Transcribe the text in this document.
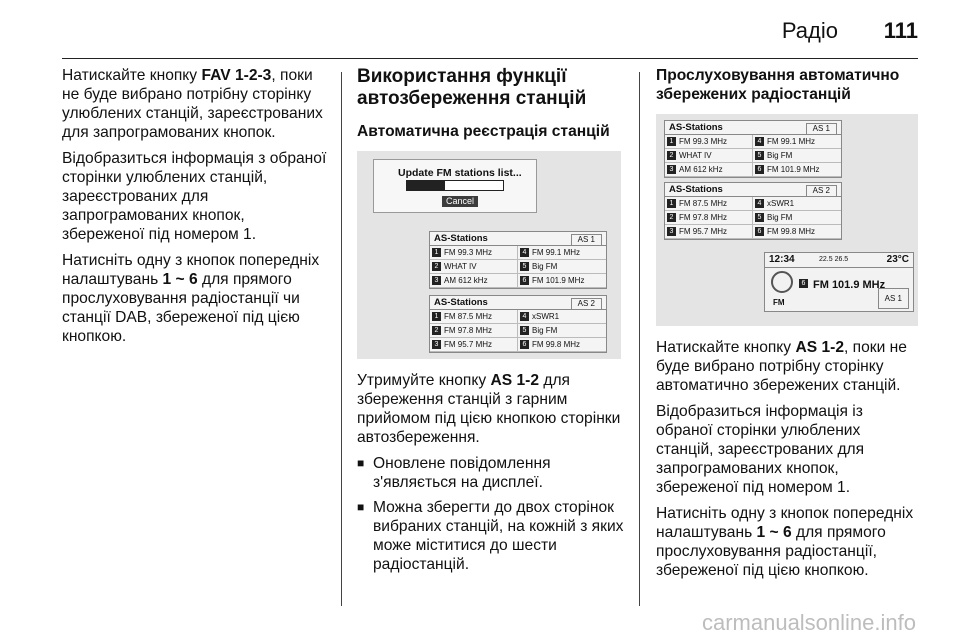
Радіо 111

Натискайте кнопку FAV 1-2-3, поки не буде вибрано потрібну сторінку улюблених станцій, зареєстрованих для запрограмованих кнопок.

Відобразиться інформація з обраної сторінки улюблених станцій, зареєстрованих для запрограмованих кнопок, збереженої під номером 1.

Натисніть одну з кнопок попередніх налаштувань 1 ~ 6 для прямого прослуховування радіостанції чи станції DAB, збереженої під цією кнопкою.

Використання функції автозбереження станцій
Автоматична реєстрація станцій
Update FM stations list...
Cancel
AS-Stations	AS 1
1 FM 99.3 MHz	4 FM 99.1 MHz
2 WHAT IV	5 Big FM
3 AM 612 kHz	6 FM 101.9 MHz
AS-Stations	AS 2
1 FM 87.5 MHz	4 xSWR1
2 FM 97.8 MHz	5 Big FM
3 FM 95.7 MHz	6 FM 99.8 MHz

Утримуйте кнопку AS 1-2 для збереження станцій з гарним прийомом під цією кнопкою сторінки автозбереження.

■ Оновлене повідомлення з'являється на дисплеї.
■ Можна зберегти до двох сторінок вибраних станцій, на кожній з яких може міститися до шести радіостанцій.
Прослуховування автоматично збережених радіостанцій
AS-Stations	AS 1
1 FM 99.3 MHz	4 FM 99.1 MHz
2 WHAT IV	5 Big FM
3 AM 612 kHz	6 FM 101.9 MHz
AS-Stations	AS 2
1 FM 87.5 MHz	4 xSWR1
2 FM 97.8 MHz	5 Big FM
3 FM 95.7 MHz	6 FM 99.8 MHz
12:34	22.5 26.5	23°C
FM
6 FM 101.9 MHz
AS 1

Натискайте кнопку AS 1-2, поки не буде вибрано потрібну сторінку автоматично збережених станцій.

Відобразиться інформація із обраної сторінки улюблених станцій, зареєстрованих для запрограмованих кнопок, збереженої під номером 1.

Натисніть одну з кнопок попередніх налаштувань 1 ~ 6 для прямого прослуховування радіостанції, збереженої під цією кнопкою.

carmanualsonline.info
